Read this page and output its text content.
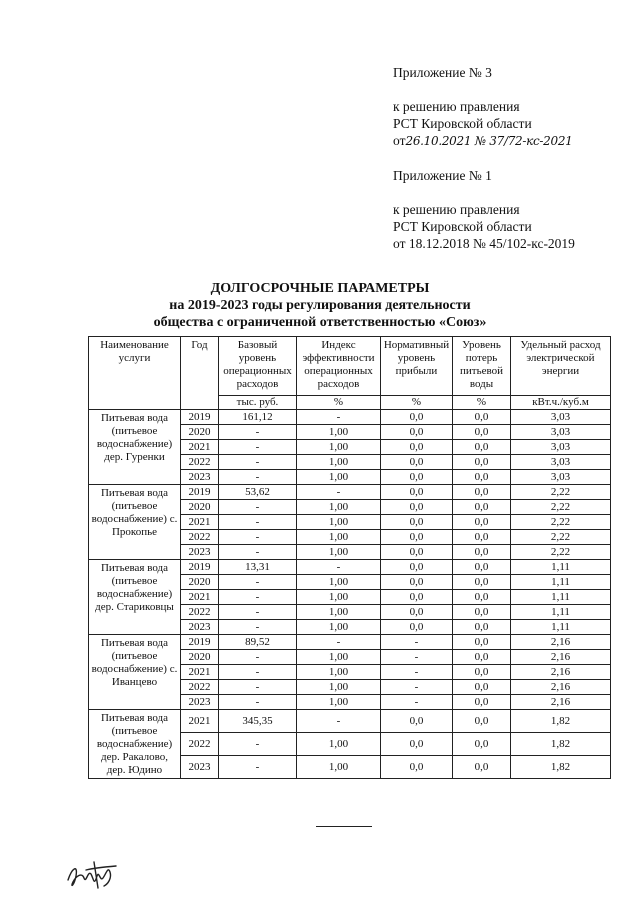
Приложение № 3
к решению правления
РСТ Кировской области
от26.10.2021 № 37/72-кс-2021
Приложение № 1
к решению правления
РСТ Кировской области
от 18.12.2018 № 45/102-кс-2019
ДОЛГОСРОЧНЫЕ ПАРАМЕТРЫ
на 2019-2023 годы регулирования деятельности
общества с ограниченной ответственностью «Союз»
Наименование услуги	Год	Базовый уровень операционных расходов	Индекс эффективности операционных расходов	Нормативный уровень прибыли	Уровень потерь питьевой воды	Удельный расход электрической энергии
		тыс. руб.	%	%	%	кВт.ч./куб.м
Питьевая вода (питьевое водоснабжение) дер. Гуренки	2019	161,12	-	0,0	0,0	3,03
	2020	-	1,00	0,0	0,0	3,03
	2021	-	1,00	0,0	0,0	3,03
	2022	-	1,00	0,0	0,0	3,03
	2023	-	1,00	0,0	0,0	3,03
Питьевая вода (питьевое водоснабжение) с. Прокопье	2019	53,62	-	0,0	0,0	2,22
	2020	-	1,00	0,0	0,0	2,22
	2021	-	1,00	0,0	0,0	2,22
	2022	-	1,00	0,0	0,0	2,22
	2023	-	1,00	0,0	0,0	2,22
Питьевая вода (питьевое водоснабжение) дер. Стариковцы	2019	13,31	-	0,0	0,0	1,11
	2020	-	1,00	0,0	0,0	1,11
	2021	-	1,00	0,0	0,0	1,11
	2022	-	1,00	0,0	0,0	1,11
	2023	-	1,00	0,0	0,0	1,11
Питьевая вода (питьевое водоснабжение) с. Иванцево	2019	89,52	-	-	0,0	2,16
	2020	-	1,00	-	0,0	2,16
	2021	-	1,00	-	0,0	2,16
	2022	-	1,00	-	0,0	2,16
	2023	-	1,00	-	0,0	2,16
Питьевая вода (питьевое водоснабжение) дер. Ракалово, дер. Юдино	2021	345,35	-	0,0	0,0	1,82
	2022	-	1,00	0,0	0,0	1,82
	2023	-	1,00	0,0	0,0	1,82
